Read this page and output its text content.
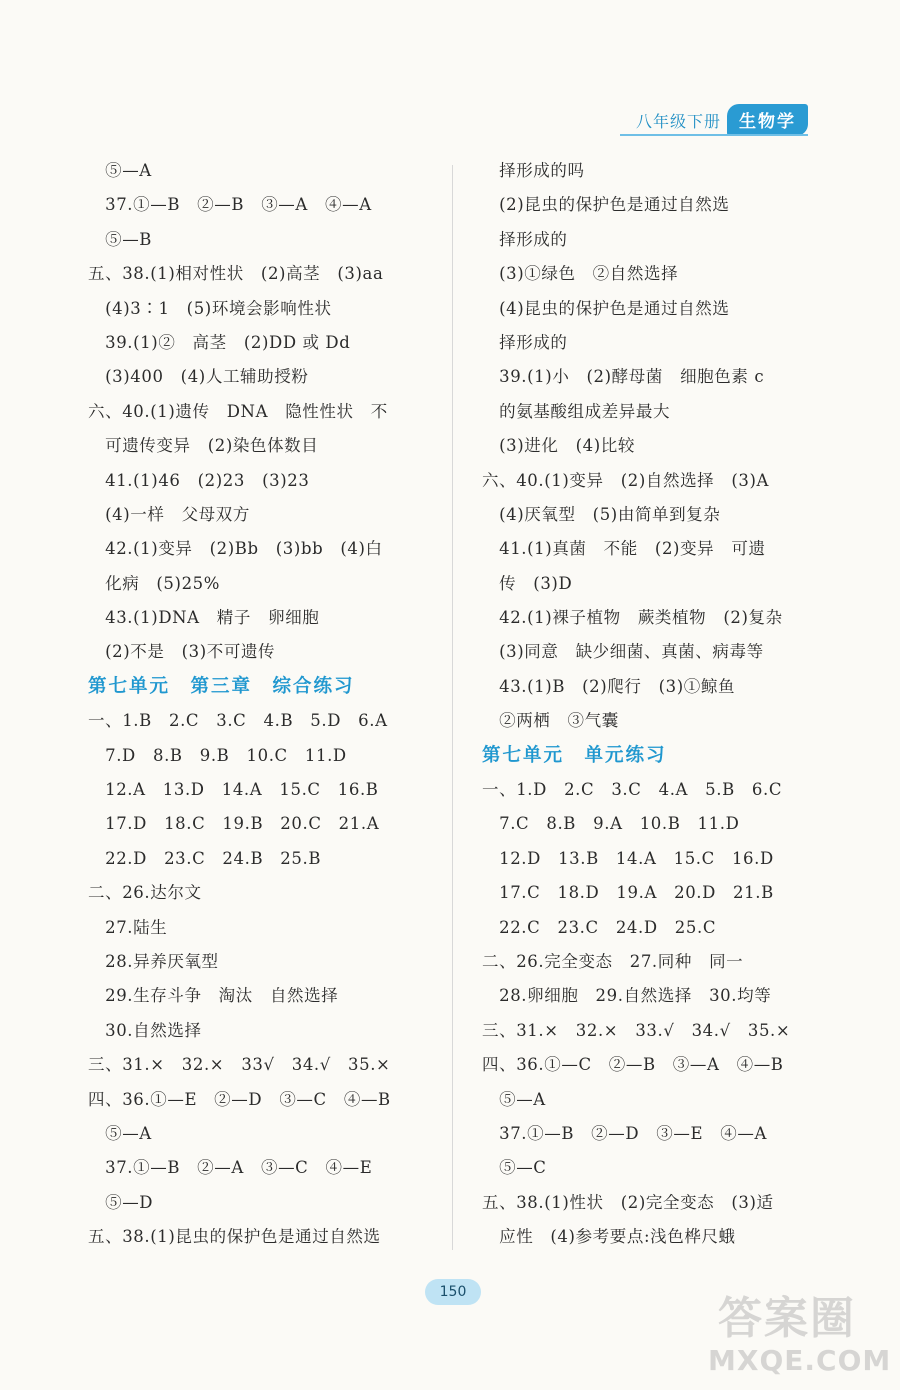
八年级下册	生物学
　⑤—A
　37.①—B　②—B　③—A　④—A
　⑤—B
五、38.(1)相对性状　(2)高茎　(3)aa
　(4)3∶1　(5)环境会影响性状
　39.(1)②　高茎　(2)DD 或 Dd
　(3)400　(4)人工辅助授粉
六、40.(1)遗传　DNA　隐性性状　不
　可遗传变异　(2)染色体数目
　41.(1)46　(2)23　(3)23
　(4)一样　父母双方
　42.(1)变异　(2)Bb　(3)bb　(4)白
　化病　(5)25%
　43.(1)DNA　精子　卵细胞
　(2)不是　(3)不可遗传
第七单元　第三章　综合练习
一、1.B　2.C　3.C　4.B　5.D　6.A
　7.D　8.B　9.B　10.C　11.D
　12.A　13.D　14.A　15.C　16.B
　17.D　18.C　19.B　20.C　21.A
　22.D　23.C　24.B　25.B
二、26.达尔文
　27.陆生
　28.异养厌氧型
　29.生存斗争　淘汰　自然选择
　30.自然选择
三、31.×　32.×　33√　34.√　35.×
四、36.①—E　②—D　③—C　④—B
　⑤—A
　37.①—B　②—A　③—C　④—E
　⑤—D
五、38.(1)昆虫的保护色是通过自然选
　择形成的吗
　(2)昆虫的保护色是通过自然选
　择形成的
　(3)①绿色　②自然选择
　(4)昆虫的保护色是通过自然选
　择形成的
　39.(1)小　(2)酵母菌　细胞色素 c
　的氨基酸组成差异最大
　(3)进化　(4)比较
六、40.(1)变异　(2)自然选择　(3)A
　(4)厌氧型　(5)由简单到复杂
　41.(1)真菌　不能　(2)变异　可遗
　传　(3)D
　42.(1)裸子植物　蕨类植物　(2)复杂
　(3)同意　缺少细菌、真菌、病毒等
　43.(1)B　(2)爬行　(3)①鲸鱼
　②两栖　③气囊
第七单元　单元练习
一、1.D　2.C　3.C　4.A　5.B　6.C
　7.C　8.B　9.A　10.B　11.D
　12.D　13.B　14.A　15.C　16.D
　17.C　18.D　19.A　20.D　21.B
　22.C　23.C　24.D　25.C
二、26.完全变态　27.同种　同一
　28.卵细胞　29.自然选择　30.均等
三、31.×　32.×　33.√　34.√　35.×
四、36.①—C　②—B　③—A　④—B
　⑤—A
　37.①—B　②—D　③—E　④—A
　⑤—C
五、38.(1)性状　(2)完全变态　(3)适
　应性　(4)参考要点:浅色桦尺蛾
150
答案圈
MXQE.COM
